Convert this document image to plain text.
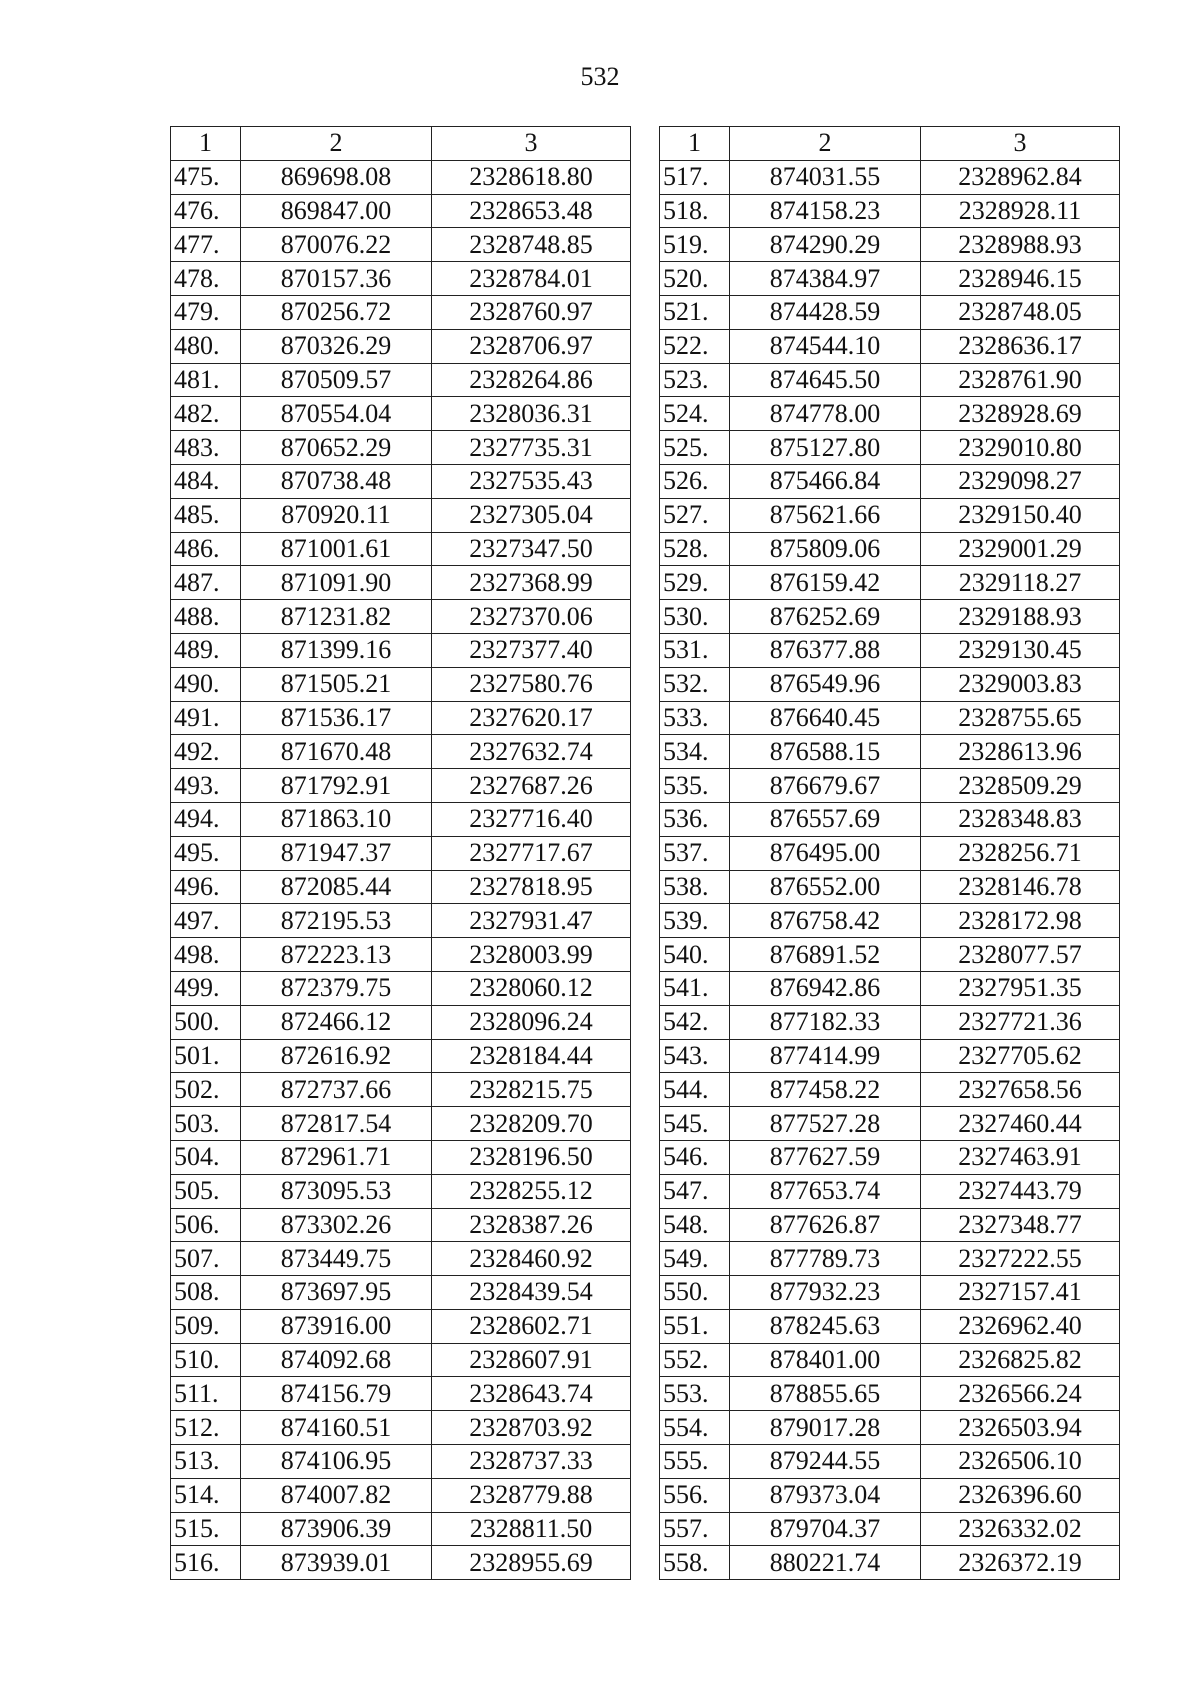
532
1	2	3
475.	869698.08	2328618.80
476.	869847.00	2328653.48
477.	870076.22	2328748.85
478.	870157.36	2328784.01
479.	870256.72	2328760.97
480.	870326.29	2328706.97
481.	870509.57	2328264.86
482.	870554.04	2328036.31
483.	870652.29	2327735.31
484.	870738.48	2327535.43
485.	870920.11	2327305.04
486.	871001.61	2327347.50
487.	871091.90	2327368.99
488.	871231.82	2327370.06
489.	871399.16	2327377.40
490.	871505.21	2327580.76
491.	871536.17	2327620.17
492.	871670.48	2327632.74
493.	871792.91	2327687.26
494.	871863.10	2327716.40
495.	871947.37	2327717.67
496.	872085.44	2327818.95
497.	872195.53	2327931.47
498.	872223.13	2328003.99
499.	872379.75	2328060.12
500.	872466.12	2328096.24
501.	872616.92	2328184.44
502.	872737.66	2328215.75
503.	872817.54	2328209.70
504.	872961.71	2328196.50
505.	873095.53	2328255.12
506.	873302.26	2328387.26
507.	873449.75	2328460.92
508.	873697.95	2328439.54
509.	873916.00	2328602.71
510.	874092.68	2328607.91
511.	874156.79	2328643.74
512.	874160.51	2328703.92
513.	874106.95	2328737.33
514.	874007.82	2328779.88
515.	873906.39	2328811.50
516.	873939.01	2328955.69
1	2	3
517.	874031.55	2328962.84
518.	874158.23	2328928.11
519.	874290.29	2328988.93
520.	874384.97	2328946.15
521.	874428.59	2328748.05
522.	874544.10	2328636.17
523.	874645.50	2328761.90
524.	874778.00	2328928.69
525.	875127.80	2329010.80
526.	875466.84	2329098.27
527.	875621.66	2329150.40
528.	875809.06	2329001.29
529.	876159.42	2329118.27
530.	876252.69	2329188.93
531.	876377.88	2329130.45
532.	876549.96	2329003.83
533.	876640.45	2328755.65
534.	876588.15	2328613.96
535.	876679.67	2328509.29
536.	876557.69	2328348.83
537.	876495.00	2328256.71
538.	876552.00	2328146.78
539.	876758.42	2328172.98
540.	876891.52	2328077.57
541.	876942.86	2327951.35
542.	877182.33	2327721.36
543.	877414.99	2327705.62
544.	877458.22	2327658.56
545.	877527.28	2327460.44
546.	877627.59	2327463.91
547.	877653.74	2327443.79
548.	877626.87	2327348.77
549.	877789.73	2327222.55
550.	877932.23	2327157.41
551.	878245.63	2326962.40
552.	878401.00	2326825.82
553.	878855.65	2326566.24
554.	879017.28	2326503.94
555.	879244.55	2326506.10
556.	879373.04	2326396.60
557.	879704.37	2326332.02
558.	880221.74	2326372.19
